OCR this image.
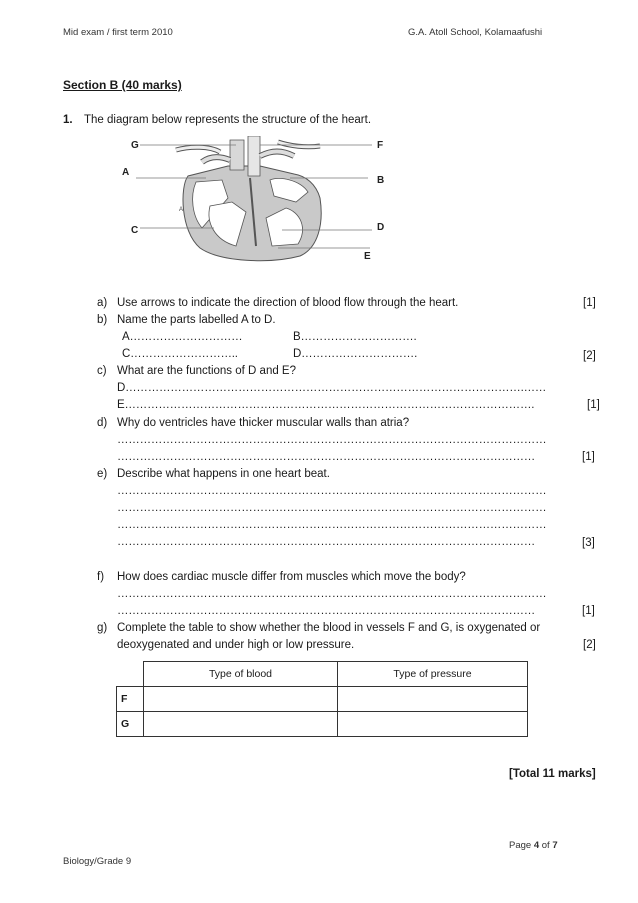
Mid exam / first term 2010	G.A. Atoll School, Kolamaafushi
Section B (40 marks)
1. The diagram below represents the structure of the heart.
G
A
C
F
B
D
E
A
a) Use arrows to indicate the direction of blood flow through the heart.	[1]
b) Name the parts labelled A to D.
A…………………………	B………………………….
C………………………..	D………………………….	[2]
c) What are the functions of D and E?
D…………………………………………………………………………………………….……
E……………………………………………………………………………………………….	[1]
d) Why do ventricles have thicker muscular walls than atria?
……………………………………………………………………………………………………
…………………………………………………………………………………………………	[1]
e) Describe what happens in one heart beat.
……………………………………………………………………………………………………
……………………………………………………………………………………………………
……………………………………………………………………………………………………
…………………………………………………………………………………………………	[3]
f) How does cardiac muscle differ from muscles which move the body?
……………………………………………………………………………………………………
…………………………………………………………………………………………………	[1]
g) Complete the table to show whether the blood in vessels F and G, is oxygenated or
deoxygenated and under high or low pressure.	[2]
	Type of blood	Type of pressure
F		
G		
[Total 11 marks]
Page 4 of 7
Biology/Grade 9
